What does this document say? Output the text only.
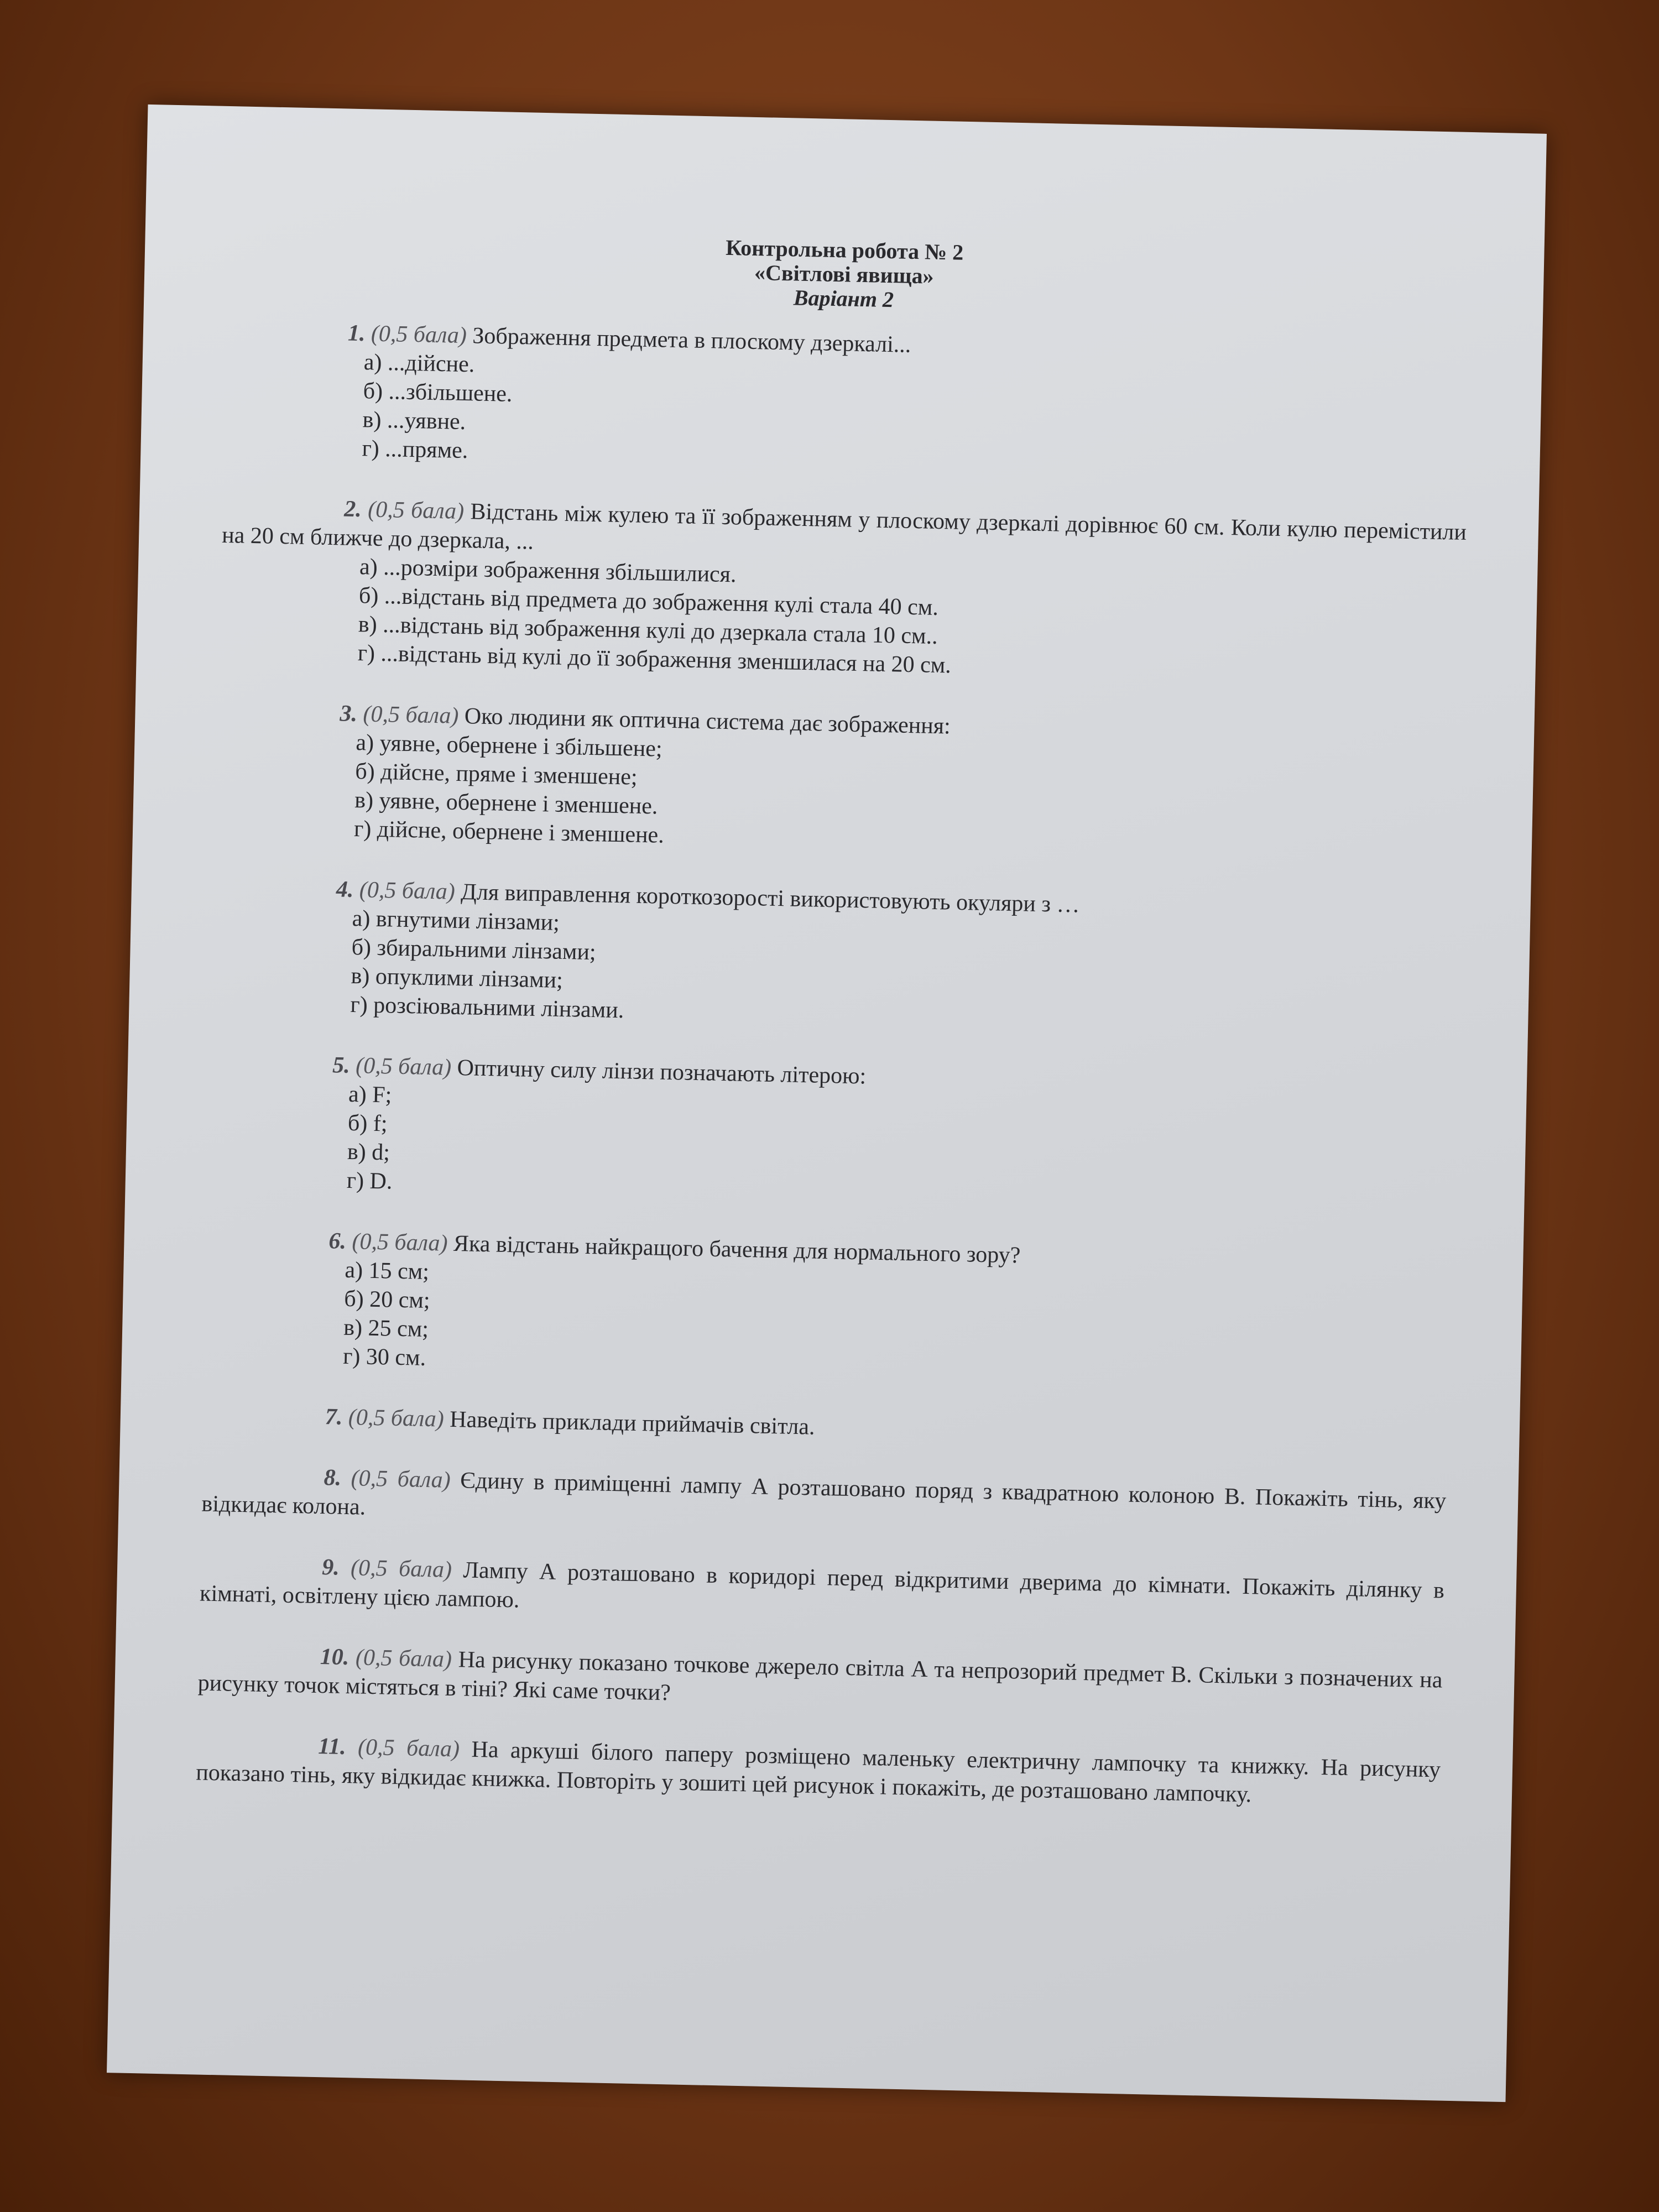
Контрольна робота № 2
«Світлові явища»
Варіант 2
1. (0,5 бала) Зображення предмета в плоскому дзеркалі...
а) ...дійсне.
б) ...збільшене.
в) ...уявне.
г) ...пряме.
2. (0,5 бала) Відстань між кулею та її зображенням у плоскому дзеркалі дорівнює 60 см. Коли кулю перемістили на 20 см ближче до дзеркала, ...
а) ...розміри зображення збільшилися.
б) ...відстань від предмета до зображення кулі стала 40 см.
в) ...відстань від зображення кулі до дзеркала стала 10 см..
г) ...відстань від кулі до її зображення зменшилася на 20 см.
3. (0,5 бала) Око людини як оптична система дає зображення:
а) уявне, обернене і збільшене;
б) дійсне, пряме і зменшене;
в) уявне, обернене і зменшене.
г) дійсне, обернене і зменшене.
4. (0,5 бала) Для виправлення короткозорості використовують окуляри з …
а) вгнутими лінзами;
б) збиральними лінзами;
в) опуклими лінзами;
г) розсіювальними лінзами.
5. (0,5 бала) Оптичну силу лінзи позначають літерою:
а) F;
б) f;
в) d;
г) D.
6. (0,5 бала) Яка відстань найкращого бачення для нормального зору?
а) 15 см;
б) 20 см;
в) 25 см;
г) 30 см.
7. (0,5 бала) Наведіть приклади приймачів світла.
8. (0,5 бала) Єдину в приміщенні лампу А розташовано поряд з квадратною колоною В. Покажіть тінь, яку відкидає колона.
9. (0,5 бала) Лампу А розташовано в коридорі перед відкритими дверима до кімнати. Покажіть ділянку в кімнаті, освітлену цією лампою.
10. (0,5 бала) На рисунку показано точкове джерело світла А та непрозорий предмет В. Скільки з позначених на рисунку точок містяться в тіні? Які саме точки?
11. (0,5 бала) На аркуші білого паперу розміщено маленьку електричну лампочку та книжку. На рисунку показано тінь, яку відкидає книжка. Повторіть у зошиті цей рисунок і покажіть, де розташовано лампочку.
